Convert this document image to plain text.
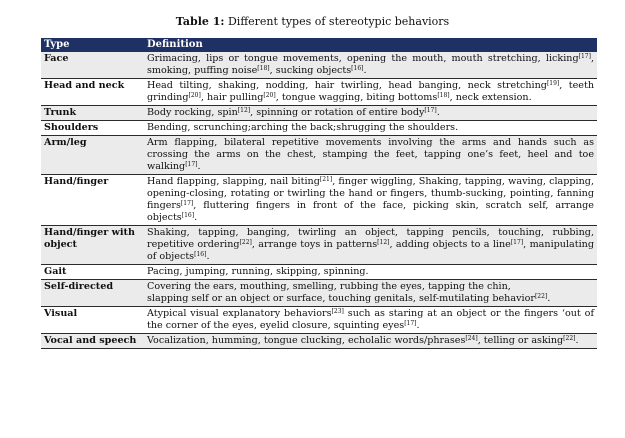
Table 1: Different types of stereotypic behaviors
Type	Definition
Face	Grimacing, lips or tongue movements, opening the mouth, mouth stretching, licking[17], smoking, puffing noise[18], sucking objects[16].
Head and neck	Head tilting, shaking, nodding, hair twirling, head banging, neck stretching[19], teeth grinding[20], hair pulling[20], tongue wagging, biting bottoms[18], neck extension.
Trunk	Body rocking, spin[12], spinning or rotation of entire body[17].
Shoulders	Bending, scrunching;arching the back;shrugging the shoulders.
Arm/leg	Arm flapping, bilateral repetitive movements involving the arms and hands such as crossing the arms on the chest, stamping the feet, tapping one’s feet, heel and toe walking[17].
Hand/finger	Hand flapping, slapping, nail biting[21], finger wiggling, Shaking, tapping, waving, clapping, opening-closing, rotating or twirling the hand or fingers, thumb-sucking, pointing, fanning fingers[17], fluttering fingers in front of the face, picking skin, scratch self, arrange objects[16].
Hand/finger with object	Shaking, tapping, banging, twirling an object, tapping pencils, touching, rubbing, repetitive ordering[22], arrange toys in patterns[12], adding objects to a line[17], manipulating of objects[16].
Gait	Pacing, jumping, running, skipping, spinning.
Self-directed	Covering the ears, mouthing, smelling, rubbing the eyes, tapping the chin,
slapping self or an object or surface, touching genitals, self-mutilating behavior[22].
Visual	Atypical visual explanatory behaviors[23] such as staring at an object or the fingers ‘out of the corner of the eyes, eyelid closure, squinting eyes[17].
Vocal and speech	Vocalization, humming, tongue clucking, echolalic words/phrases[24], telling or asking[22].
